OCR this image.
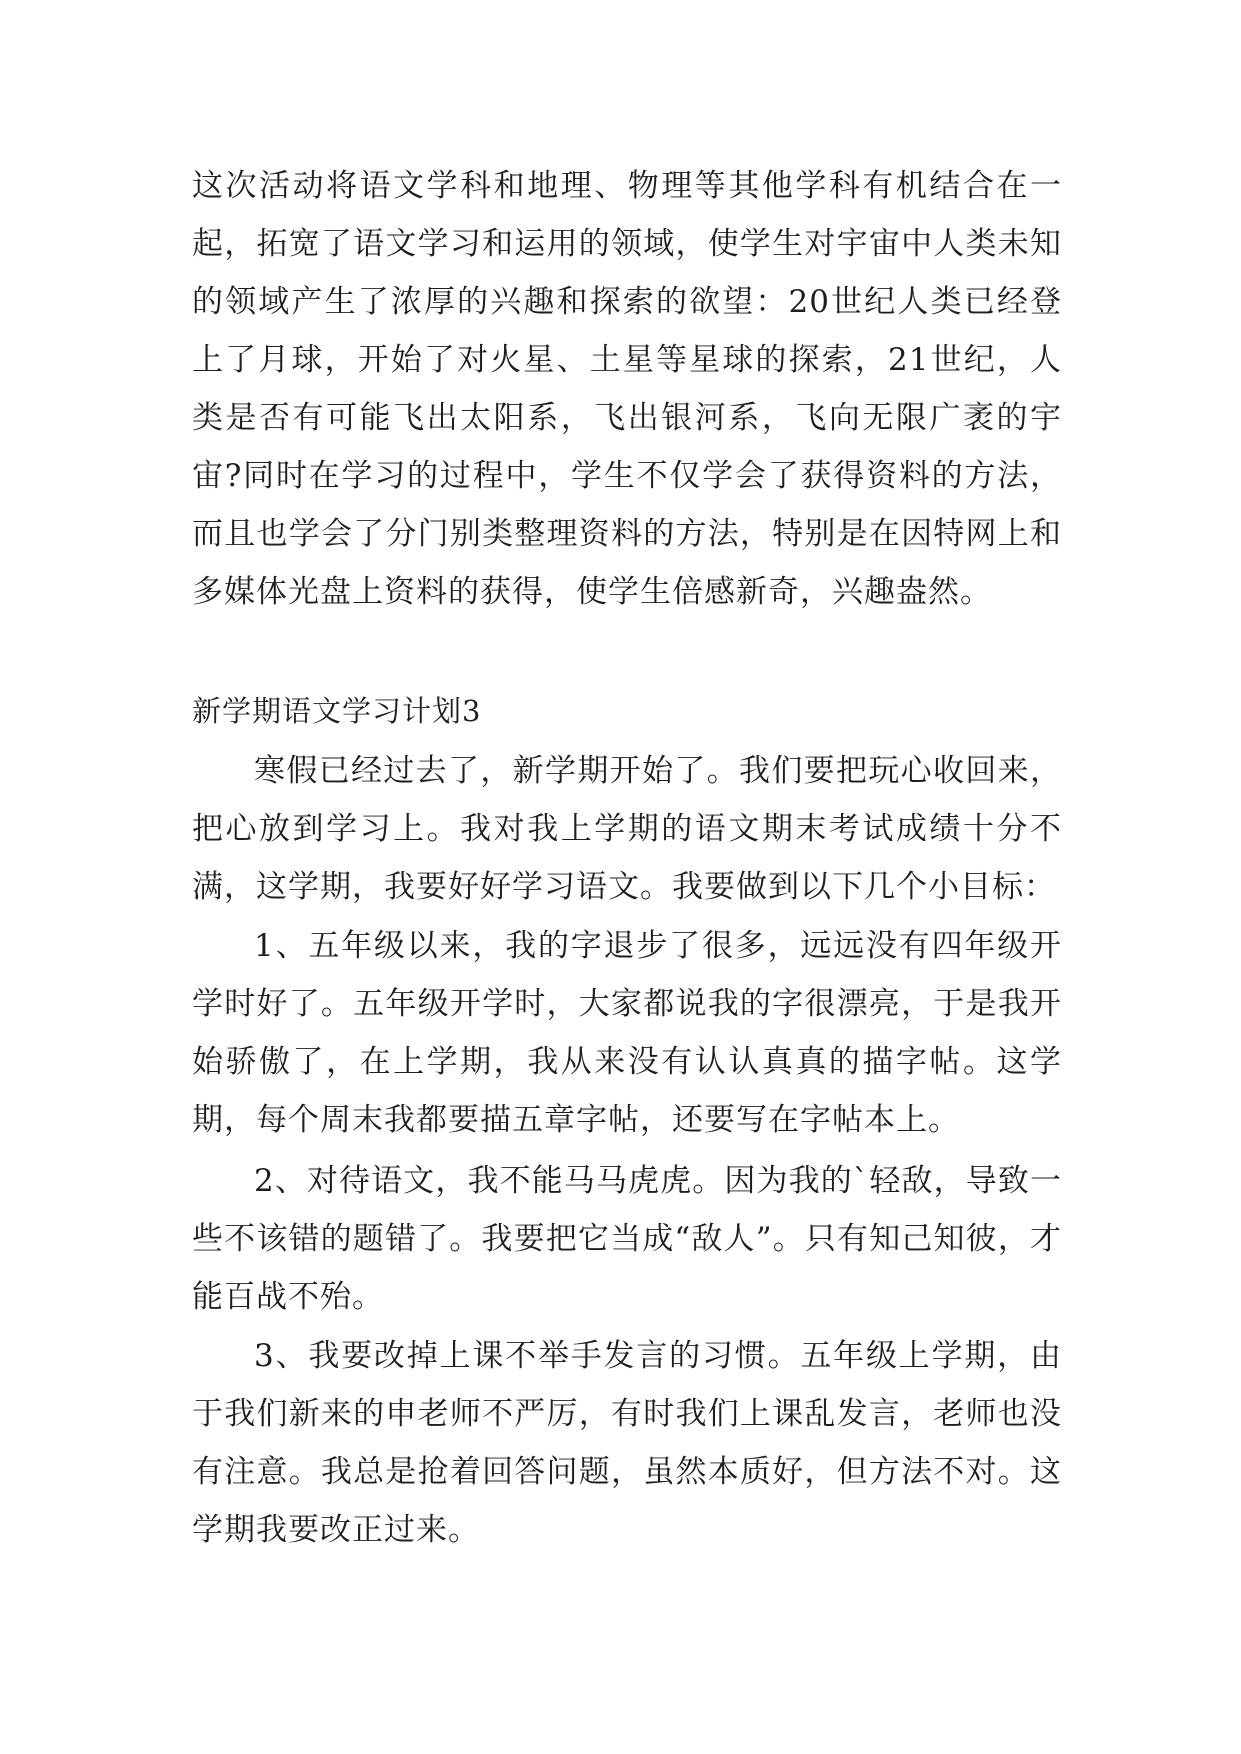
这次活动将语文学科和地理、物理等其他学科有机结合在一起，拓宽了语文学习和运用的领域，使学生对宇宙中人类未知的领域产生了浓厚的兴趣和探索的欲望：20世纪人类已经登上了月球，开始了对火星、土星等星球的探索，21世纪，人类是否有可能飞出太阳系，飞出银河系，飞向无限广袤的宇宙?同时在学习的过程中，学生不仅学会了获得资料的方法，而且也学会了分门别类整理资料的方法，特别是在因特网上和多媒体光盘上资料的获得，使学生倍感新奇，兴趣盎然。
新学期语文学习计划3
寒假已经过去了，新学期开始了。我们要把玩心收回来，把心放到学习上。我对我上学期的语文期末考试成绩十分不满，这学期，我要好好学习语文。我要做到以下几个小目标：
1、五年级以来，我的字退步了很多，远远没有四年级开学时好了。五年级开学时，大家都说我的字很漂亮，于是我开始骄傲了，在上学期，我从来没有认认真真的描字帖。这学期，每个周末我都要描五章字帖，还要写在字帖本上。
2、对待语文，我不能马马虎虎。因为我的`轻敌，导致一些不该错的题错了。我要把它当成“敌人”。只有知己知彼，才能百战不殆。
3、我要改掉上课不举手发言的习惯。五年级上学期，由于我们新来的申老师不严厉，有时我们上课乱发言，老师也没有注意。我总是抢着回答问题，虽然本质好，但方法不对。这学期我要改正过来。
